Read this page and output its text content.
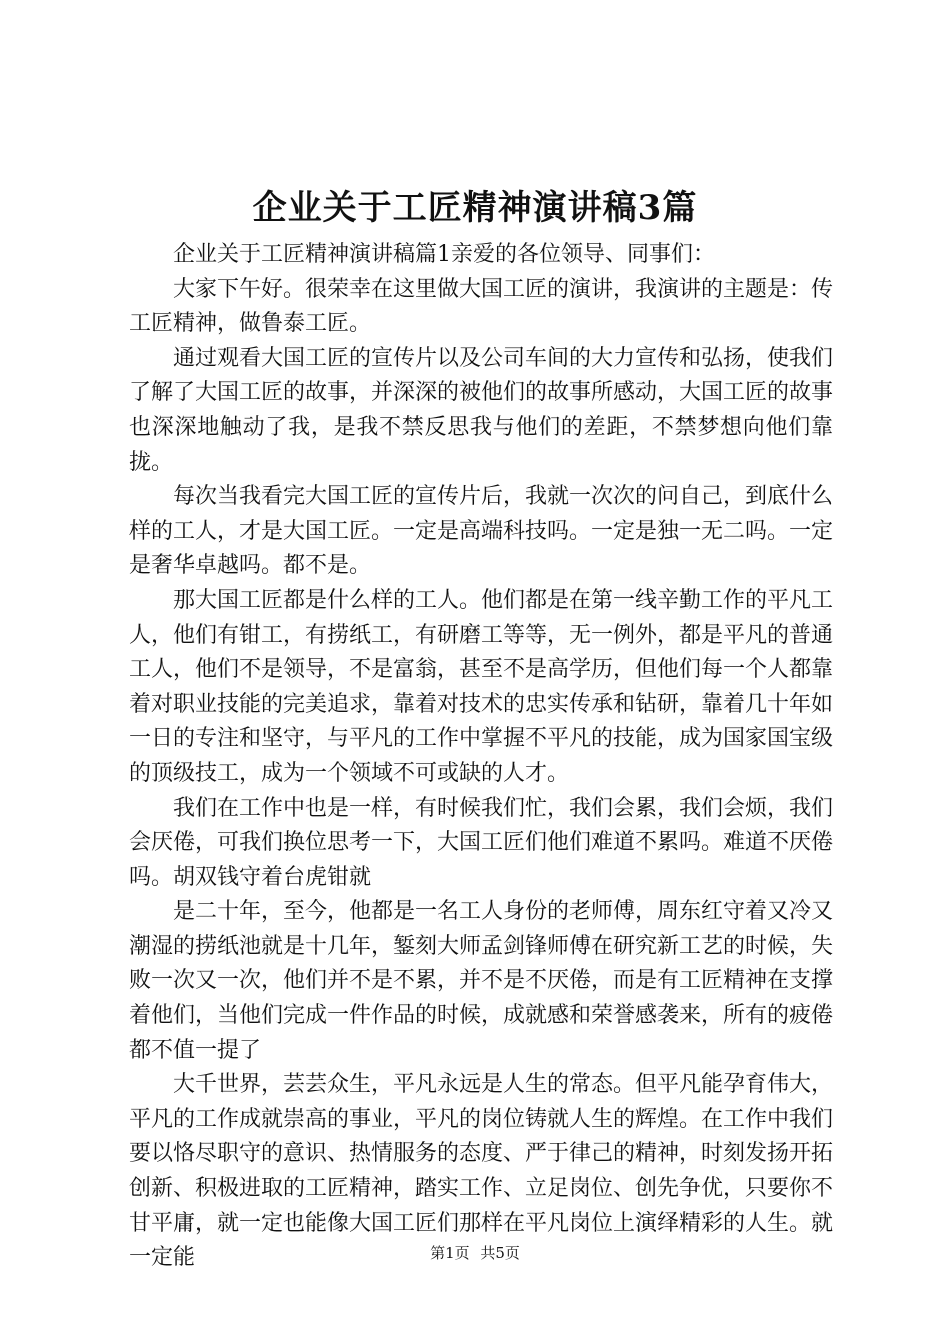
企业关于工匠精神演讲稿3篇

企业关于工匠精神演讲稿篇1亲爱的各位领导、同事们：

大家下午好。很荣幸在这里做大国工匠的演讲，我演讲的主题是：传工匠精神，做鲁泰工匠。

通过观看大国工匠的宣传片以及公司车间的大力宣传和弘扬，使我们了解了大国工匠的故事，并深深的被他们的故事所感动，大国工匠的故事也深深地触动了我，是我不禁反思我与他们的差距，不禁梦想向他们靠拢。

每次当我看完大国工匠的宣传片后，我就一次次的问自己，到底什么样的工人，才是大国工匠。一定是高端科技吗。一定是独一无二吗。一定是奢华卓越吗。都不是。

那大国工匠都是什么样的工人。他们都是在第一线辛勤工作的平凡工人，他们有钳工，有捞纸工，有研磨工等等，无一例外，都是平凡的普通工人，他们不是领导，不是富翁，甚至不是高学历，但他们每一个人都靠着对职业技能的完美追求，靠着对技术的忠实传承和钻研，靠着几十年如一日的专注和坚守，与平凡的工作中掌握不平凡的技能，成为国家国宝级的顶级技工，成为一个领域不可或缺的人才。

我们在工作中也是一样，有时候我们忙，我们会累，我们会烦，我们会厌倦，可我们换位思考一下，大国工匠们他们难道不累吗。难道不厌倦吗。胡双钱守着台虎钳就

是二十年，至今，他都是一名工人身份的老师傅，周东红守着又冷又潮湿的捞纸池就是十几年，錾刻大师孟剑锋师傅在研究新工艺的时候，失败一次又一次，他们并不是不累，并不是不厌倦，而是有工匠精神在支撑着他们，当他们完成一件作品的时候，成就感和荣誉感袭来，所有的疲倦都不值一提了

大千世界，芸芸众生，平凡永远是人生的常态。但平凡能孕育伟大，平凡的工作成就崇高的事业，平凡的岗位铸就人生的辉煌。在工作中我们要以恪尽职守的意识、热情服务的态度、严于律己的精神，时刻发扬开拓创新、积极进取的工匠精神，踏实工作、立足岗位、创先争优，只要你不甘平庸，就一定也能像大国工匠们那样在平凡岗位上演绎精彩的人生。就一定能	第1页 共5页
